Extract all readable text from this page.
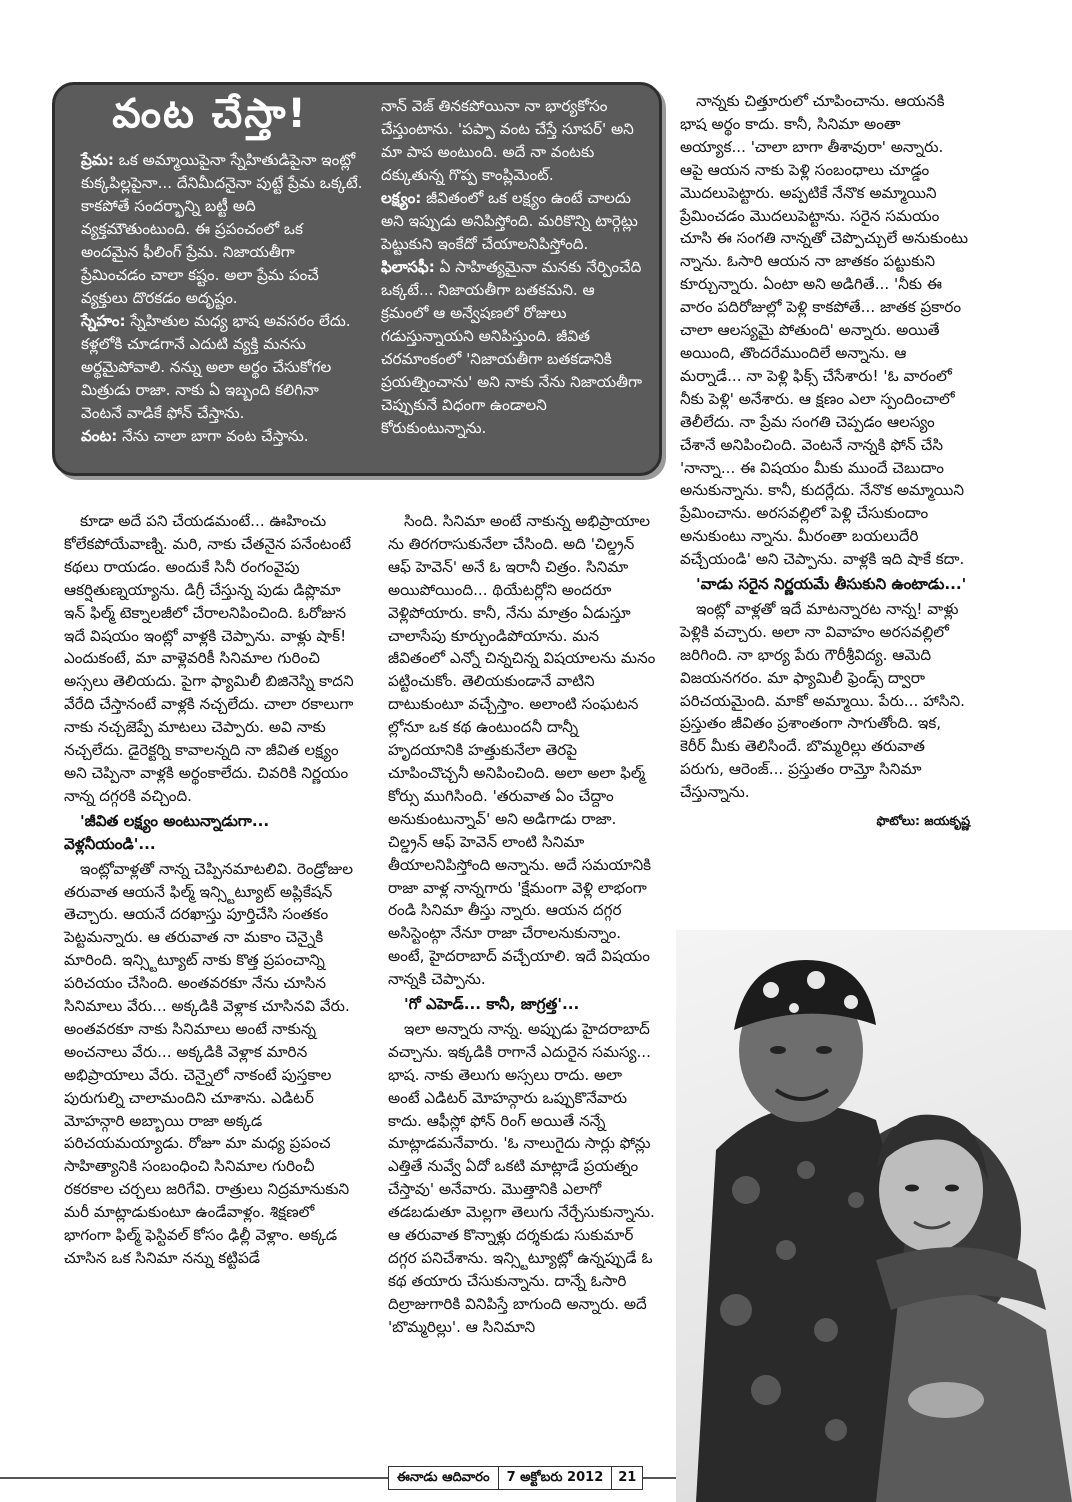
వంట చేస్తా!

ప్రేమ: ఒక అమ్మాయిపైనా స్నేహితుడిపైనా ఇంట్లో కుక్కపిల్లపైనా... దేనిమీదనైనా పుట్టే ప్రేమ ఒక్కటే. కాకపోతే సందర్భాన్ని బట్టీ అది వ్యక్తమౌతుంటుంది. ఈ ప్రపంచంలో ఒక అందమైన ఫీలింగ్ ప్రేమ. నిజాయతీగా ప్రేమించడం చాలా కష్టం. అలా ప్రేమ పంచే వ్యక్తులు దొరకడం అదృష్టం.

స్నేహం: స్నేహితుల మధ్య భాష అవసరం లేదు. కళ్లలోకి చూడగానే ఎదుటి వ్యక్తి మనసు అర్థమైపోవాలి. నన్ను అలా అర్థం చేసుకోగల మిత్రుడు రాజా. నాకు ఏ ఇబ్బంది కలిగినా వెంటనే వాడికే ఫోన్ చేస్తాను.

వంట: నేను చాలా బాగా వంట చేస్తాను.

నాన్ వెజ్ తినకపోయినా నా భార్యకోసం చేస్తుంటాను. 'పప్పా వంట చేస్తే సూపర్' అని మా పాప అంటుంది. అదే నా వంటకు దక్కుతున్న గొప్ప కాంప్లిమెంట్.

లక్ష్యం: జీవితంలో ఒక లక్ష్యం ఉంటే చాలదు అని ఇప్పుడు అనిపిస్తోంది. మరికొన్ని టార్గెట్లు పెట్టుకుని ఇంకేదో చేయాలనిపిస్తోంది.

ఫిలాసఫీ: ఏ సాహిత్యమైనా మనకు నేర్పించేది ఒక్కటే... నిజాయతీగా బతకమని. ఆ క్రమంలో ఆ అన్వేషణలో రోజులు గడుస్తున్నాయని అనిపిస్తుంది. జీవిత చరమాంకంలో 'నిజాయతీగా బతకడానికి ప్రయత్నించాను' అని నాకు నేను నిజాయతీగా చెప్పుకునే విధంగా ఉండాలని కోరుకుంటున్నాను.

కూడా అదే పని చేయడమంటే... ఊహించు కోలేకపోయేవాణ్ని. మరి, నాకు చేతనైన పనేంటంటే కథలు రాయడం. అందుకే సినీ రంగంవైపు ఆకర్షితుణ్నయ్యాను. డిగ్రీ చేస్తున్న పుడు డిప్లొమా ఇన్ ఫిల్మ్ టెక్నాలజీలో చేరాలనిపించింది. ఓరోజున ఇదే విషయం ఇంట్లో వాళ్లకి చెప్పాను. వాళ్లు షాక్! ఎందుకంటే, మా వాళ్లెవరికీ సినిమాల గురించి అస్సలు తెలియదు. పైగా ఫ్యామిలీ బిజినెస్ని కాదని వేరేది చేస్తానంటే వాళ్లకి నచ్చలేదు. చాలా రకాలుగా నాకు నచ్చజెప్పే మాటలు చెప్పారు. అవి నాకు నచ్చలేదు. డైరెక్టర్ని కావాలన్నది నా జీవిత లక్ష్యం అని చెప్పినా వాళ్లకి అర్థంకాలేదు. చివరికి నిర్ణయం నాన్న దగ్గరకి వచ్చింది.

'జీవిత లక్ష్యం అంటున్నాడుగా... వెళ్లనీయండి'...

ఇంట్లోవాళ్లతో నాన్న చెప్పినమాటలివి. రెండ్రోజుల తరువాత ఆయనే ఫిల్మ్ ఇన్స్టిట్యూట్ అప్లికేషన్ తెచ్చారు. ఆయనే దరఖాస్తు పూర్తిచేసి సంతకం పెట్టమన్నారు. ఆ తరువాత నా మకాం చెన్నైకి మారింది. ఇన్స్టిట్యూట్ నాకు కొత్త ప్రపంచాన్ని పరిచయం చేసింది. అంతవరకూ నేను చూసిన సినిమాలు వేరు... అక్కడికి వెళ్లాక చూసినవి వేరు. అంతవరకూ నాకు సినిమాలు అంటే నాకున్న అంచనాలు వేరు... అక్కడికి వెళ్లాక మారిన అభిప్రాయాలు వేరు. చెన్నైలో నాకంటే పుస్తకాల పురుగుల్ని చాలామందిని చూశాను. ఎడిటర్ మోహన్గారి అబ్బాయి రాజా అక్కడ పరిచయమయ్యాడు. రోజూ మా మధ్య ప్రపంచ సాహిత్యానికి సంబంధించి సినిమాల గురించీ రకరకాల చర్చలు జరిగేవి. రాత్రులు నిద్రమానుకుని మరీ మాట్లాడుకుంటూ ఉండేవాళ్లం. శిక్షణలో భాగంగా ఫిల్మ్ ఫెస్టివల్ కోసం ఢిల్లీ వెళ్లాం. అక్కడ చూసిన ఒక సినిమా నన్ను కట్టిపడే

సింది. సినిమా అంటే నాకున్న అభిప్రాయాల ను తిరగరాసుకునేలా చేసింది. అది 'చిల్డ్రన్ ఆఫ్ హెవెన్' అనే ఓ ఇరానీ చిత్రం. సినిమా అయిపోయింది... థియేటర్లోని అందరూ వెళ్లిపోయారు. కానీ, నేను మాత్రం ఏడుస్తూ చాలాసేపు కూర్చుండిపోయాను. మన జీవితంలో ఎన్నో చిన్నచిన్న విషయాలను మనం పట్టించుకోం. తెలియకుండానే వాటిని దాటుకుంటూ వచ్చేస్తాం. అలాంటి సంఘటన ల్లోనూ ఒక కథ ఉంటుందనీ దాన్నీ హృదయానికి హత్తుకునేలా తెరపై చూపించొచ్చనీ అనిపించింది. అలా అలా ఫిల్మ్ కోర్సు ముగిసింది. 'తరువాత ఏం చేద్దాం అనుకుంటున్నావ్' అని అడిగాడు రాజా. చిల్డ్రన్ ఆఫ్ హెవెన్ లాంటి సినిమా తీయాలనిపిస్తోంది అన్నాను. అదే సమయానికి రాజా వాళ్ల నాన్నగారు 'క్షేమంగా వెళ్లి లాభంగా రండి సినిమా తీస్తు న్నారు. ఆయన దగ్గర అసిస్టెంట్గా నేనూ రాజా చేరాలనుకున్నాం. అంటే, హైదరాబాద్ వచ్చేయాలి. ఇదే విషయం నాన్నకి చెప్పాను.

'గో ఎహెడ్... కానీ, జాగ్రత్త'...

ఇలా అన్నారు నాన్న. అప్పుడు హైదరాబాద్ వచ్చాను. ఇక్కడికి రాగానే ఎదురైన సమస్య... భాష. నాకు తెలుగు అస్సలు రాదు. అలా అంటే ఎడిటర్ మోహన్గారు ఒప్పుకొనేవారు కాదు. ఆఫీస్లో ఫోన్ రింగ్ అయితే నన్నే మాట్లాడమనేవారు. 'ఓ నాలుగైదు సార్లు ఫోన్లు ఎత్తితే నువ్వే ఏదో ఒకటి మాట్లాడే ప్రయత్నం చేస్తావు' అనేవారు. మొత్తానికి ఎలాగో తడబడుతూ మెల్లగా తెలుగు నేర్చేసుకున్నాను. ఆ తరువాత కొన్నాళ్లు దర్శకుడు సుకుమార్ దగ్గర పనిచేశాను. ఇన్స్టిట్యూట్లో ఉన్నప్పుడే ఓ కథ తయారు చేసుకున్నాను. దాన్నే ఓసారి దిల్రాజుగారికి వినిపిస్తే బాగుంది అన్నారు. అదే 'బొమ్మరిల్లు'. ఆ సినిమాని

నాన్నకు చిత్తూరులో చూపించాను. ఆయనకి భాష అర్థం కాదు. కానీ, సినిమా అంతా అయ్యాక... 'చాలా బాగా తీశావురా' అన్నారు. ఆపై ఆయన నాకు పెళ్లి సంబంధాలు చూడ్డం మొదలుపెట్టారు. అప్పటికే నేనొక అమ్మాయిని ప్రేమించడం మొదలుపెట్టాను. సరైన సమయం చూసి ఈ సంగతి నాన్నతో చెప్పొచ్చులే అనుకుంటు న్నాను. ఓసారి ఆయన నా జాతకం పట్టుకుని కూర్చున్నారు. ఏంటా అని అడిగితే... 'నీకు ఈ వారం పదిరోజుల్లో పెళ్లి కాకపోతే... జాతక ప్రకారం చాలా ఆలస్యమై పోతుంది' అన్నారు. అయితే అయింది, తొందరేముందిలే అన్నాను. ఆ మర్నాడే... నా పెళ్లి ఫిక్స్ చేసేశారు! 'ఓ వారంలో నీకు పెళ్లి' అనేశారు. ఆ క్షణం ఎలా స్పందించాలో తెలీలేదు. నా ప్రేమ సంగతి చెప్పడం ఆలస్యం చేశానే అనిపించింది. వెంటనే నాన్నకి ఫోన్ చేసి 'నాన్నా... ఈ విషయం మీకు ముందే చెబుదాం అనుకున్నాను. కానీ, కుదర్లేదు. నేనొక అమ్మాయిని ప్రేమించాను. అరసవల్లిలో పెళ్లి చేసుకుందాం అనుకుంటు న్నాను. మీరంతా బయలుదేరి వచ్చేయండి' అని చెప్పాను. వాళ్లకి ఇది షాకే కదా.

'వాడు సరైన నిర్ణయమే తీసుకుని ఉంటాడు...'

ఇంట్లో వాళ్లతో ఇదే మాటన్నారట నాన్న! వాళ్లు పెళ్లికి వచ్చారు. అలా నా వివాహం అరసవల్లిలో జరిగింది. నా భార్య పేరు గౌరీశ్రీవిద్య. ఆమెది విజయనగరం. మా ఫ్యామిలీ ఫ్రెండ్స్ ద్వారా పరిచయమైంది. మాకో అమ్మాయి. పేరు... హాసిని. ప్రస్తుతం జీవితం ప్రశాంతంగా సాగుతోంది. ఇక, కెరీర్ మీకు తెలిసిందే. బొమ్మరిల్లు తరువాత పరుగు, ఆరెంజ్... ప్రస్తుతం రామ్తో సినిమా చేస్తున్నాను.

ఫొటోలు: జయకృష్ణ

ఈనాడు ఆదివారం	7 అక్టోబరు 2012	21
